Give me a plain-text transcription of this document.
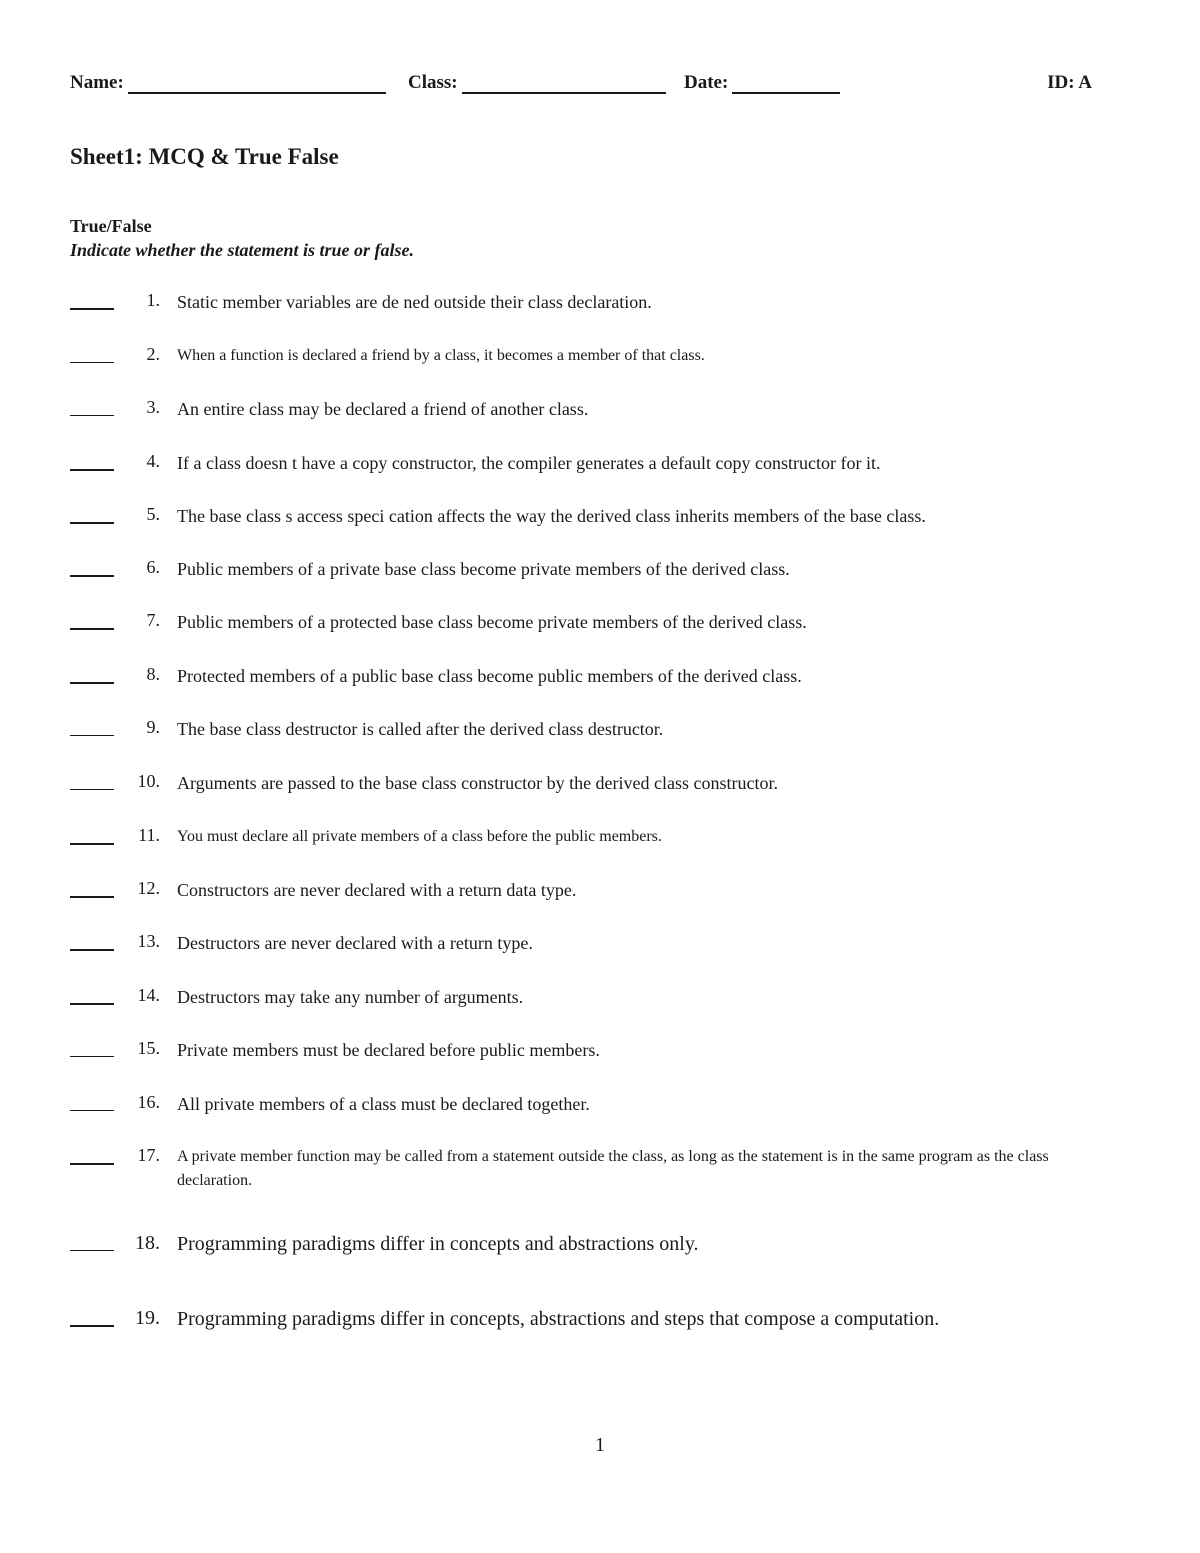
Name:	Class:	Date:	ID: A
Sheet1: MCQ & True False
True/False
Indicate whether the statement is true or false.
1. Static member variables are de ned outside their class declaration.
2. When a function is declared a friend by a class, it becomes a member of that class.
3. An entire class may be declared a friend of another class.
4. If a class doesn t have a copy constructor, the compiler generates a default copy constructor for it.
5. The base class s access speci cation affects the way the derived class inherits members of the base class.
6. Public members of a private base class become private members of the derived class.
7. Public members of a protected base class become private members of the derived class.
8. Protected members of a public base class become public members of the derived class.
9. The base class destructor is called after the derived class destructor.
10. Arguments are passed to the base class constructor by the derived class constructor.
11. You must declare all private members of a class before the public members.
12. Constructors are never declared with a return data type.
13. Destructors are never declared with a return type.
14. Destructors may take any number of arguments.
15. Private members must be declared before public members.
16. All private members of a class must be declared together.
17. A private member function may be called from a statement outside the class, as long as the statement is in the same program as the class declaration.
18. Programming paradigms differ in concepts and abstractions only.
19. Programming paradigms differ in concepts, abstractions and steps that compose a computation.
1
